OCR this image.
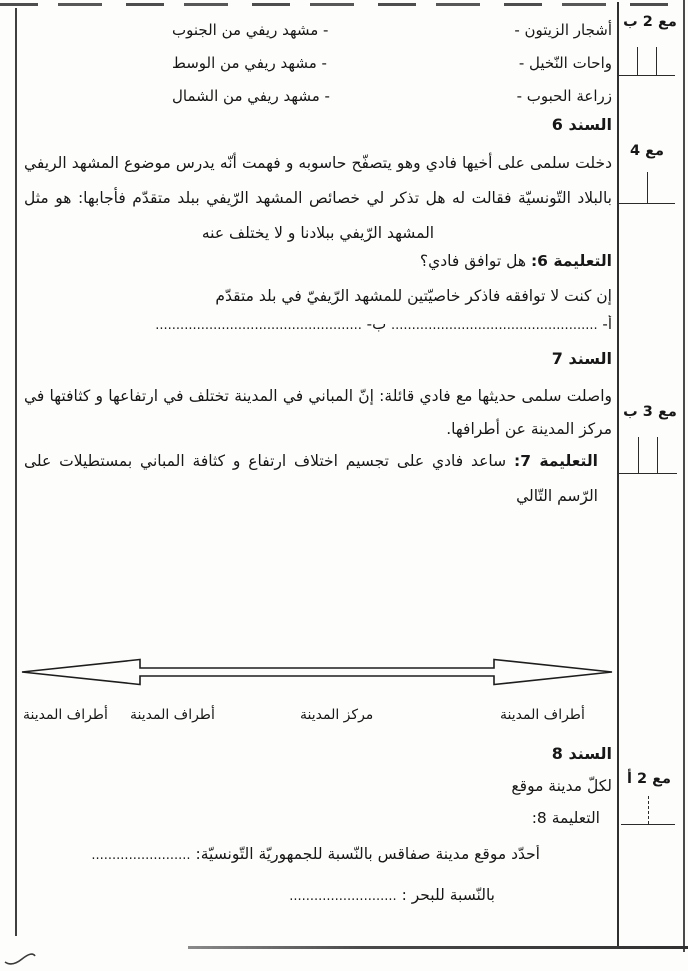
مع 2 ب
مع 4
مع 3 ب
مع 2 أ
أشجار الزيتون -
- مشهد ريفي من الجنوب
واحات النّخيل -
- مشهد ريفي من الوسط
زراعة الحبوب -
- مشهد ريفي من الشمال
السند 6
دخلت سلمى على أخيها فادي وهو يتصفّح حاسوبه و فهمت أنّه يدرس موضوع المشهد الريفي بالبلاد التّونسيّة فقالت له هل تذكر لي خصائص المشهد الرّيفي ببلد متقدّم فأجابها: هو مثل المشهد الرّيفي ببلادنا و لا يختلف عنه
التعليمة 6: هل توافق فادي؟
إن كنت لا توافقه فاذكر خاصيّتين للمشهد الرّيفيّ في بلد متقدّم
أ- .................................................. ب- ..................................................
السند 7
واصلت سلمى حديثها مع فادي قائلة: إنّ المباني في المدينة تختلف في ارتفاعها و كثافتها في مركز المدينة عن أطرافها.
التعليمة 7: ساعد فادي على تجسيم اختلاف ارتفاع و كثافة المباني بمستطيلات على الرّسم التّالي
أطراف المدينة أطراف المدينة	مركز المدينة	أطراف المدينة
السند 8
لكلّ مدينة موقع
التعليمة 8:
أحدّد موقع مدينة صفاقس بالنّسبة للجمهوريّة التّونسيّة: ........................
بالنّسبة للبحر : ..........................
